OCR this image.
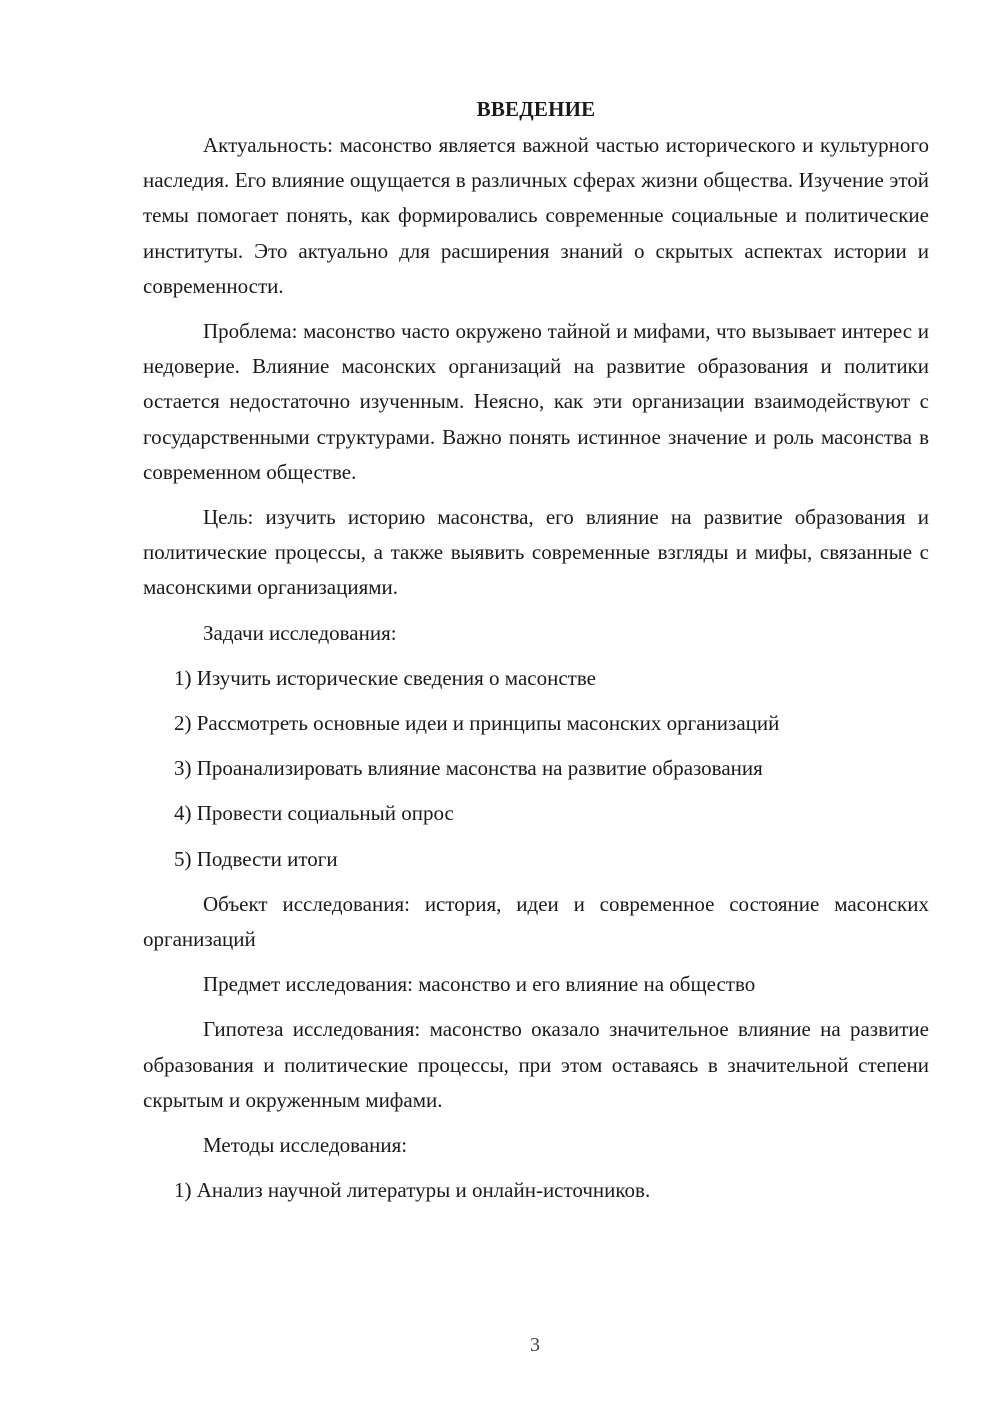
ВВЕДЕНИЕ

Актуальность: масонство является важной частью исторического и культурного наследия. Его влияние ощущается в различных сферах жизни общества. Изучение этой темы помогает понять, как формировались современные социальные и политические институты. Это актуально для расширения знаний о скрытых аспектах истории и современности.

Проблема: масонство часто окружено тайной и мифами, что вызывает интерес и недоверие. Влияние масонских организаций на развитие образования и политики остается недостаточно изученным. Неясно, как эти организации взаимодействуют с государственными структурами. Важно понять истинное значение и роль масонства в современном обществе.

Цель: изучить историю масонства, его влияние на развитие образования и политические процессы, а также выявить современные взгляды и мифы, связанные с масонскими организациями.

Задачи исследования:

1) Изучить исторические сведения о масонстве

2) Рассмотреть основные идеи и принципы масонских организаций

3) Проанализировать влияние масонства на развитие образования

4) Провести социальный опрос

5) Подвести итоги

Объект исследования: история, идеи и современное состояние масонских организаций

Предмет исследования: масонство и его влияние на общество

Гипотеза исследования: масонство оказало значительное влияние на развитие образования и политические процессы, при этом оставаясь в значительной степени скрытым и окруженным мифами.

Методы исследования:

1) Анализ научной литературы и онлайн-источников.

3
